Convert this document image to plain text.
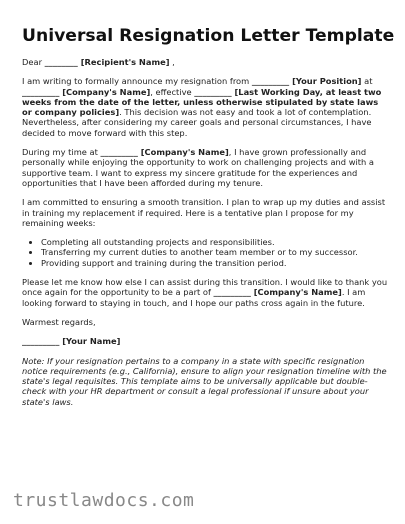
Universal Resignation Letter Template

Dear ________ [Recipient's Name] ,

I am writing to formally announce my resignation from _________ [Your Position] at _________ [Company's Name], effective _________ [Last Working Day, at least two weeks from the date of the letter, unless otherwise stipulated by state laws or company policies]. This decision was not easy and took a lot of contemplation. Nevertheless, after considering my career goals and personal circumstances, I have decided to move forward with this step.

During my time at _________ [Company's Name], I have grown professionally and personally while enjoying the opportunity to work on challenging projects and with a supportive team. I want to express my sincere gratitude for the experiences and opportunities that I have been afforded during my tenure.

I am committed to ensuring a smooth transition. I plan to wrap up my duties and assist in training my replacement if required. Here is a tentative plan I propose for my remaining weeks:

• Completing all outstanding projects and responsibilities.
• Transferring my current duties to another team member or to my successor.
• Providing support and training during the transition period.

Please let me know how else I can assist during this transition. I would like to thank you once again for the opportunity to be a part of _________ [Company's Name]. I am looking forward to staying in touch, and I hope our paths cross again in the future.

Warmest regards,

_________ [Your Name]

Note: If your resignation pertains to a company in a state with specific resignation notice requirements (e.g., California), ensure to align your resignation timeline with the state's legal requisites. This template aims to be universally applicable but double-check with your HR department or consult a legal professional if unsure about your state's laws.

trustlawdocs.com
